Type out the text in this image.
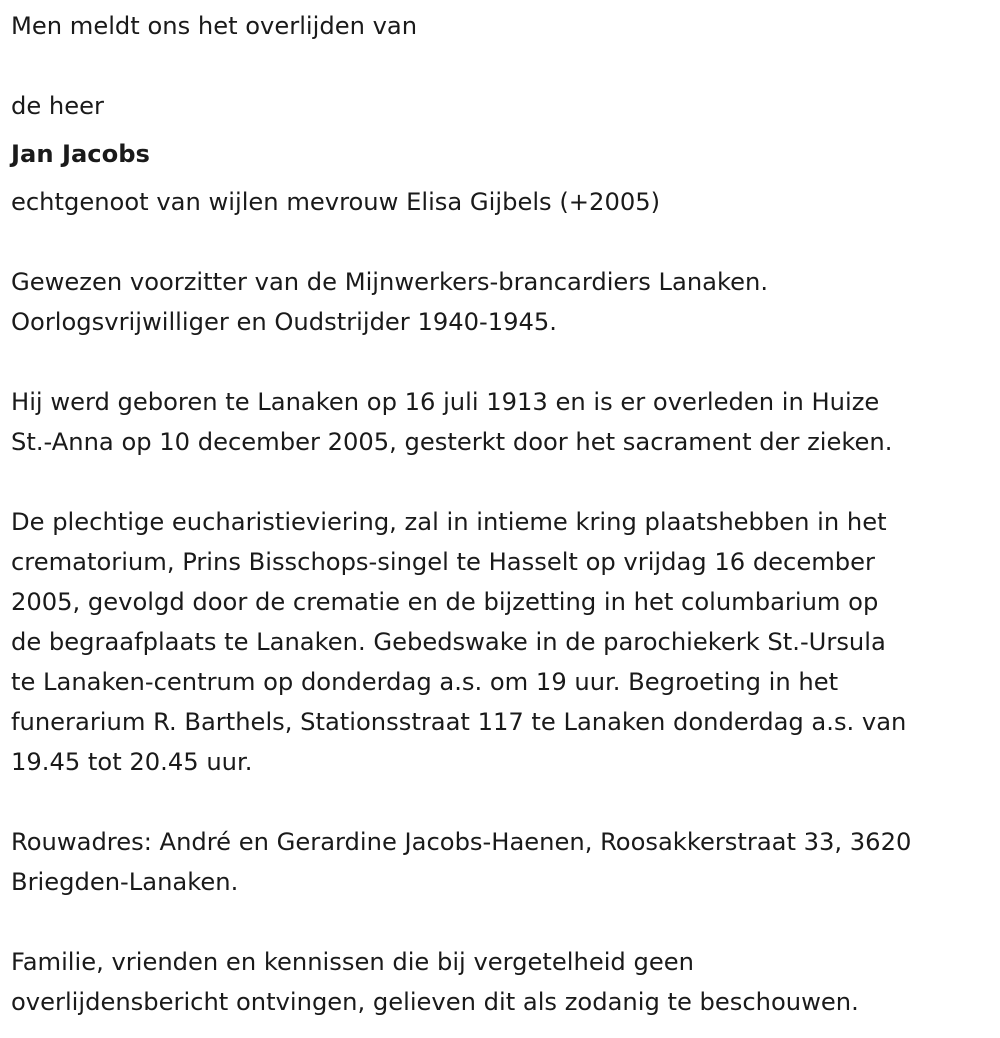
Men meldt ons het overlijden van

de heer

Jan Jacobs

echtgenoot van wijlen mevrouw Elisa Gijbels (+2005)

Gewezen voorzitter van de Mijnwerkers-brancardiers Lanaken.

Oorlogsvrijwilliger en Oudstrijder 1940-1945.

Hij werd geboren te Lanaken op 16 juli 1913 en is er overleden in Huize

St.-Anna op 10 december 2005, gesterkt door het sacrament der zieken.

De plechtige eucharistieviering, zal in intieme kring plaatshebben in het

crematorium, Prins Bisschops-singel te Hasselt op vrijdag 16 december

2005, gevolgd door de crematie en de bijzetting in het columbarium op

de begraafplaats te Lanaken. Gebedswake in de parochiekerk St.-Ursula

te Lanaken-centrum op donderdag a.s. om 19 uur. Begroeting in het

funerarium R. Barthels, Stationsstraat 117 te Lanaken donderdag a.s. van

19.45 tot 20.45 uur.

Rouwadres: André en Gerardine Jacobs-Haenen, Roosakkerstraat 33, 3620

Briegden-Lanaken.

Familie, vrienden en kennissen die bij vergetelheid geen

overlijdensbericht ontvingen, gelieven dit als zodanig te beschouwen.
